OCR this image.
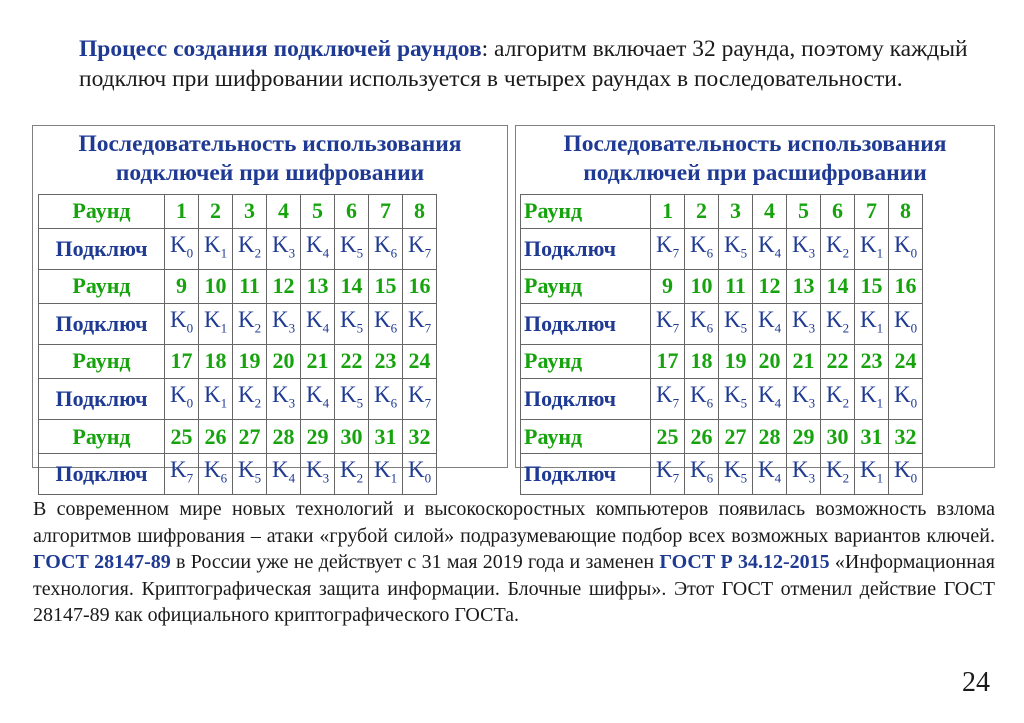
Процесс создания подключей раундов: алгоритм включает 32 раунда, поэтому каждый подключ при шифровании используется в четырех раундах в последовательности.
Последовательность использования
подключей при шифровании
Раунд	1	2	3	4	5	6	7	8
Подключ	$K_0$	$K_1$	$K_2$	$K_3$	$K_4$	$K_5$	$K_6$	$K_7$
Раунд	9	10	11	12	13	14	15	16
Подключ	$K_0$	$K_1$	$K_2$	$K_3$	$K_4$	$K_5$	$K_6$	$K_7$
Раунд	17	18	19	20	21	22	23	24
Подключ	$K_0$	$K_1$	$K_2$	$K_3$	$K_4$	$K_5$	$K_6$	$K_7$
Раунд	25	26	27	28	29	30	31	32
Подключ	$K_7$	$K_6$	$K_5$	$K_4$	$K_3$	$K_2$	$K_1$	$K_0$
Последовательность использования
подключей при расшифровании
Раунд	1	2	3	4	5	6	7	8
Подключ	$K_7$	$K_6$	$K_5$	$K_4$	$K_3$	$K_2$	$K_1$	$K_0$
Раунд	9	10	11	12	13	14	15	16
Подключ	$K_7$	$K_6$	$K_5$	$K_4$	$K_3$	$K_2$	$K_1$	$K_0$
Раунд	17	18	19	20	21	22	23	24
Подключ	$K_7$	$K_6$	$K_5$	$K_4$	$K_3$	$K_2$	$K_1$	$K_0$
Раунд	25	26	27	28	29	30	31	32
Подключ	$K_7$	$K_6$	$K_5$	$K_4$	$K_3$	$K_2$	$K_1$	$K_0$
В современном мире новых технологий и высокоскоростных компьютеров появилась возможность взлома алгоритмов шифрования – атаки «грубой силой» подразумевающие подбор всех возможных вариантов ключей. ГОСТ 28147-89 в России уже не действует с 31 мая 2019 года и заменен ГОСТ Р 34.12-2015 «Информационная технология. Криптографическая защита информации. Блочные шифры». Этот ГОСТ отменил действие ГОСТ 28147-89 как официального криптографического ГОСТа.
24
